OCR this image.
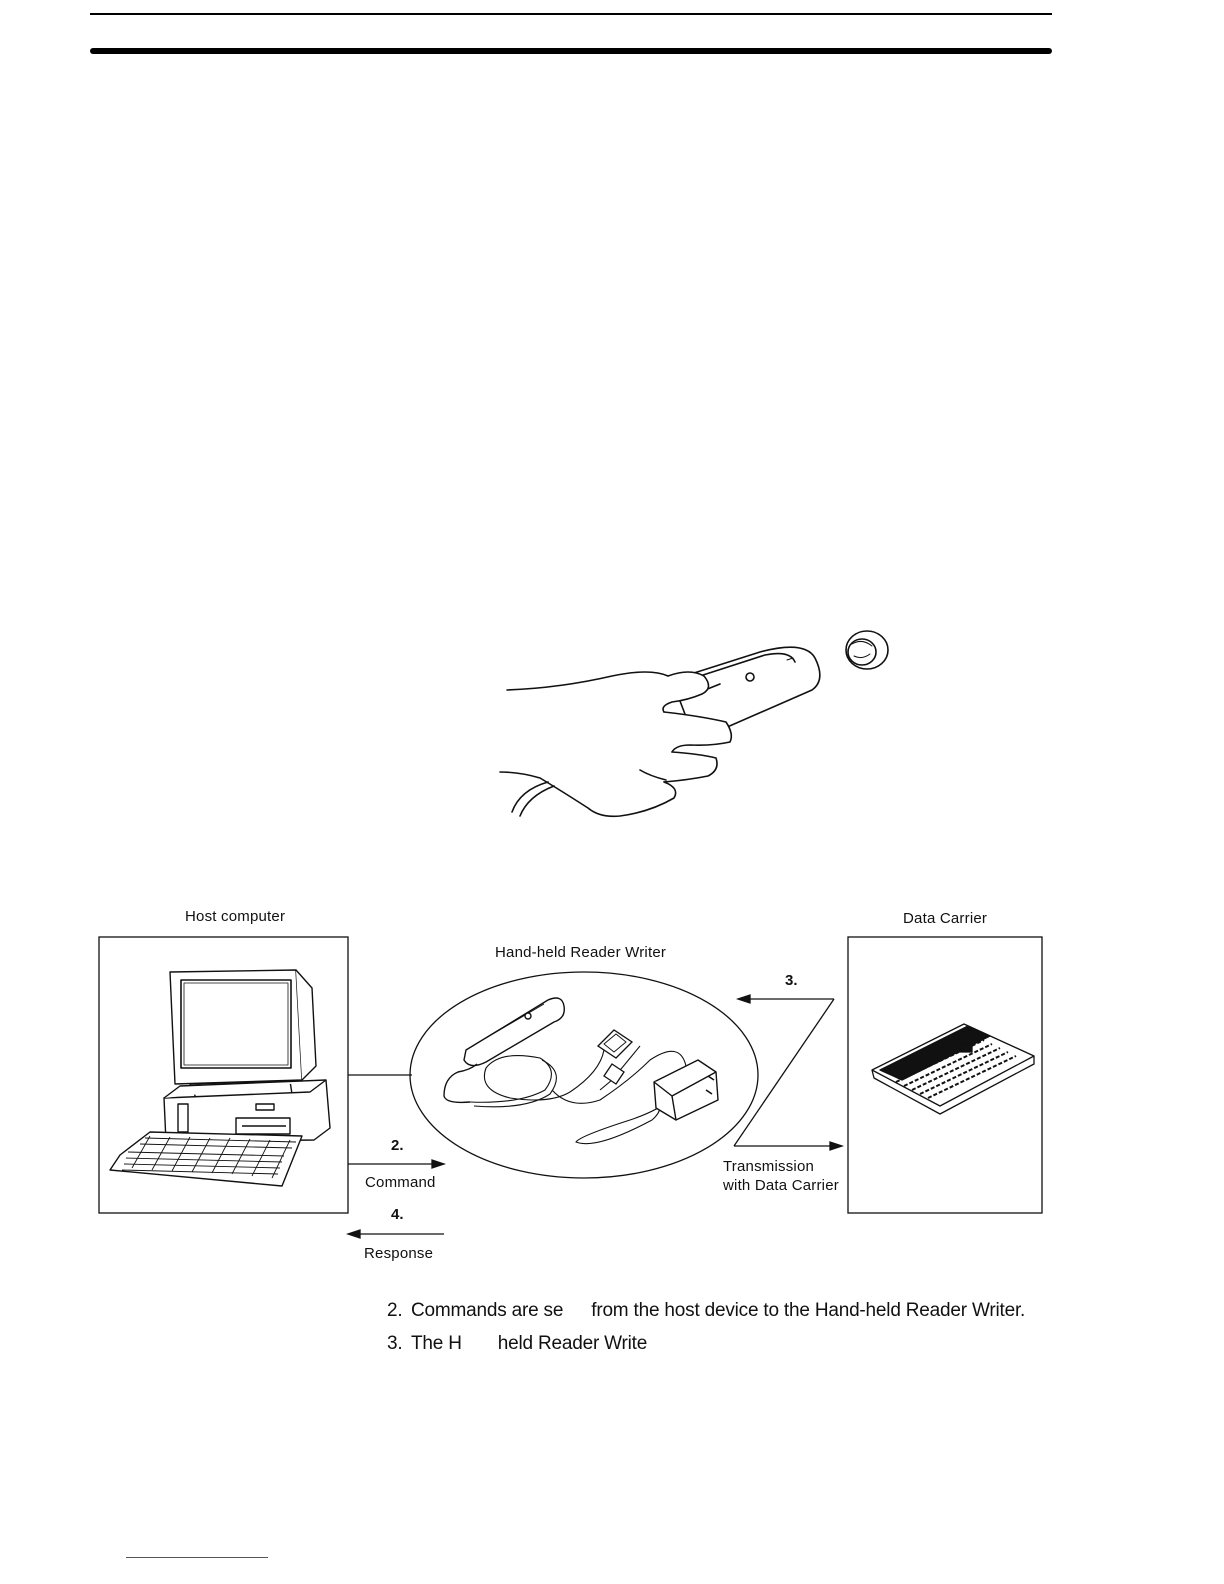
Host computer
Hand-held Reader Writer
Data Carrier
3.
Transmission
with Data Carrier
2.
Command
4.
Response
2. Commands are se from the host device to the Hand-held Reader Writer.
3. The H held Reader Write
